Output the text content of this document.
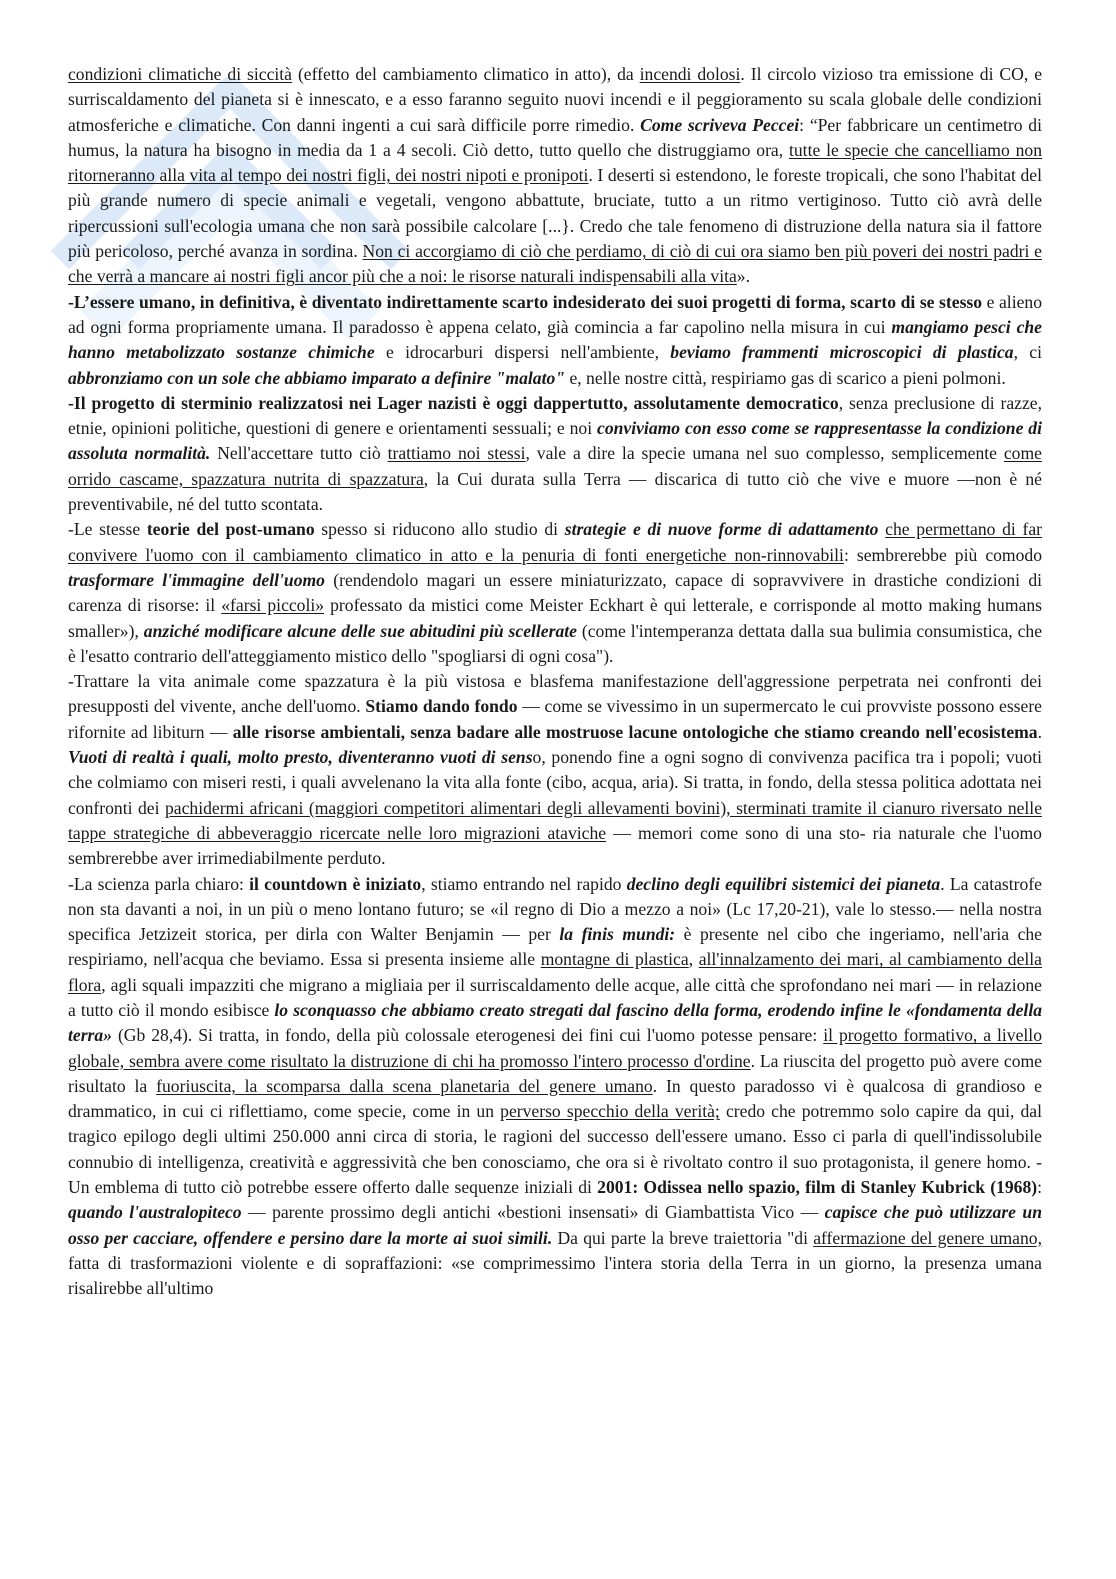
condizioni climatiche di siccità (effetto del cambiamento climatico in atto), da incendi dolosi. Il circolo vizioso tra emissione di CO, e surriscaldamento del pianeta si è innescato, e a esso faranno seguito nuovi incendi e il peggioramento su scala globale delle condizioni atmosferiche e climatiche. Con danni ingenti a cui sarà difficile porre rimedio. Come scriveva Peccei: “Per fabbricare un centimetro di humus, la natura ha bisogno in media da 1 a 4 secoli. Ciò detto, tutto quello che distruggiamo ora, tutte le specie che cancelliamo non ritorneranno alla vita al tempo dei nostri figli, dei nostri nipoti e pronipoti. I deserti si estendono, le foreste tropicali, che sono l'habitat del più grande numero di specie animali e vegetali, vengono abbattute, bruciate, tutto a un ritmo vertiginoso. Tutto ciò avrà delle ripercussioni sull'ecologia umana che non sarà possibile calcolare [...}. Credo che tale fenomeno di distruzione della natura sia il fattore più pericoloso, perché avanza in sordina. Non ci accorgiamo di ciò che perdiamo, di ciò di cui ora siamo ben più poveri dei nostri padri e che verrà a mancare ai nostri figli ancor più che a noi: le risorse naturali indispensabili alla vita».

-L’essere umano, in definitiva, è diventato indirettamente scarto indesiderato dei suoi progetti di forma, scarto di se stesso e alieno ad ogni forma propriamente umana. Il paradosso è appena celato, già comincia a far capolino nella misura in cui mangiamo pesci che hanno metabolizzato sostanze chimiche e idrocarburi dispersi nell'ambiente, beviamo frammenti microscopici di plastica, ci abbronziamo con un sole che abbiamo imparato a definire "malato" e, nelle nostre città, respiriamo gas di scarico a pieni polmoni.

-Il progetto di sterminio realizzatosi nei Lager nazisti è oggi dappertutto, assolutamente democratico, senza preclusione di razze, etnie, opinioni politiche, questioni di genere e orientamenti sessuali; e noi conviviamo con esso come se rappresentasse la condizione di assoluta normalità. Nell'accettare tutto ciò trattiamo noi stessi, vale a dire la specie umana nel suo complesso, semplicemente come orrido cascame, spazzatura nutrita di spazzatura, la Cui durata sulla Terra — discarica di tutto ciò che vive e muore —non è né preventivabile, né del tutto scontata.

-Le stesse teorie del post-umano spesso si riducono allo studio di strategie e di nuove forme di adattamento che permettano di far convivere l'uomo con il cambiamento climatico in atto e la penuria di fonti energetiche non-rinnovabili: sembrerebbe più comodo trasformare l'immagine dell'uomo (rendendolo magari un essere miniaturizzato, capace di sopravvivere in drastiche condizioni di carenza di risorse: il «farsi piccoli» professato da mistici come Meister Eckhart è qui letterale, e corrisponde al motto making humans smaller»), anziché modificare alcune delle sue abitudini più scellerate (come l'intemperanza dettata dalla sua bulimia consumistica, che è l'esatto contrario dell'atteggiamento mistico dello "spogliarsi di ogni cosa").

-Trattare la vita animale come spazzatura è la più vistosa e blasfema manifestazione dell'aggressione perpetrata nei confronti dei presupposti del vivente, anche dell'uomo. Stiamo dando fondo — come se vivessimo in un supermercato le cui provviste possono essere rifornite ad libiturn — alle risorse ambientali, senza badare alle mostruose lacune ontologiche che stiamo creando nell'ecosistema. Vuoti di realtà i quali, molto presto, diventeranno vuoti di senso, ponendo fine a ogni sogno di convivenza pacifica tra i popoli; vuoti che colmiamo con miseri resti, i quali avvelenano la vita alla fonte (cibo, acqua, aria). Si tratta, in fondo, della stessa politica adottata nei confronti dei pachidermi africani (maggiori competitori alimentari degli allevamenti bovini), sterminati tramite il cianuro riversato nelle tappe strategiche di abbeveraggio ricercate nelle loro migrazioni ataviche — memori come sono di una sto- ria naturale che l'uomo sembrerebbe aver irrimediabilmente perduto.

-La scienza parla chiaro: il countdown è iniziato, stiamo entrando nel rapido declino degli equilibri sistemici dei pianeta. La catastrofe non sta davanti a noi, in un più o meno lontano futuro; se «il regno di Dio a mezzo a noi» (Lc 17,20-21), vale lo stesso.— nella nostra specifica Jetzizeit storica, per dirla con Walter Benjamin — per la finis mundi: è presente nel cibo che ingeriamo, nell'aria che respiriamo, nell'acqua che beviamo. Essa si presenta insieme alle montagne di plastica, all'innalzamento dei mari, al cambiamento della flora, agli squali impazziti che migrano a migliaia per il surriscaldamento delle acque, alle città che sprofondano nei mari — in relazione a tutto ciò il mondo esibisce lo sconquasso che abbiamo creato stregati dal fascino della forma, erodendo infine le «fondamenta della terra» (Gb 28,4). Si tratta, in fondo, della più colossale eterogenesi dei fini cui l'uomo potesse pensare: il progetto formativo, a livello globale, sembra avere come risultato la distruzione di chi ha promosso l'intero processo d'ordine. La riuscita del progetto può avere come risultato la fuoriuscita, la scomparsa dalla scena planetaria del genere umano. In questo paradosso vi è qualcosa di grandioso e drammatico, in cui ci riflettiamo, come specie, come in un perverso specchio della verità; credo che potremmo solo capire da qui, dal tragico epilogo degli ultimi 250.000 anni circa di storia, le ragioni del successo dell'essere umano. Esso ci parla di quell'indissolubile connubio di intelligenza, creatività e aggressività che ben conosciamo, che ora si è rivoltato contro il suo protagonista, il genere homo. -Un emblema di tutto ciò potrebbe essere offerto dalle sequenze iniziali di 2001: Odissea nello spazio, film di Stanley Kubrick (1968): quando l'australopiteco — parente prossimo degli antichi «bestioni insensati» di Giambattista Vico — capisce che può utilizzare un osso per cacciare, offendere e persino dare la morte ai suoi simili. Da qui parte la breve traiettoria "di affermazione del genere umano, fatta di trasformazioni violente e di sopraffazioni: «se comprimessimo l'intera storia della Terra in un giorno, la presenza umana risalirebbe all'ultimo
